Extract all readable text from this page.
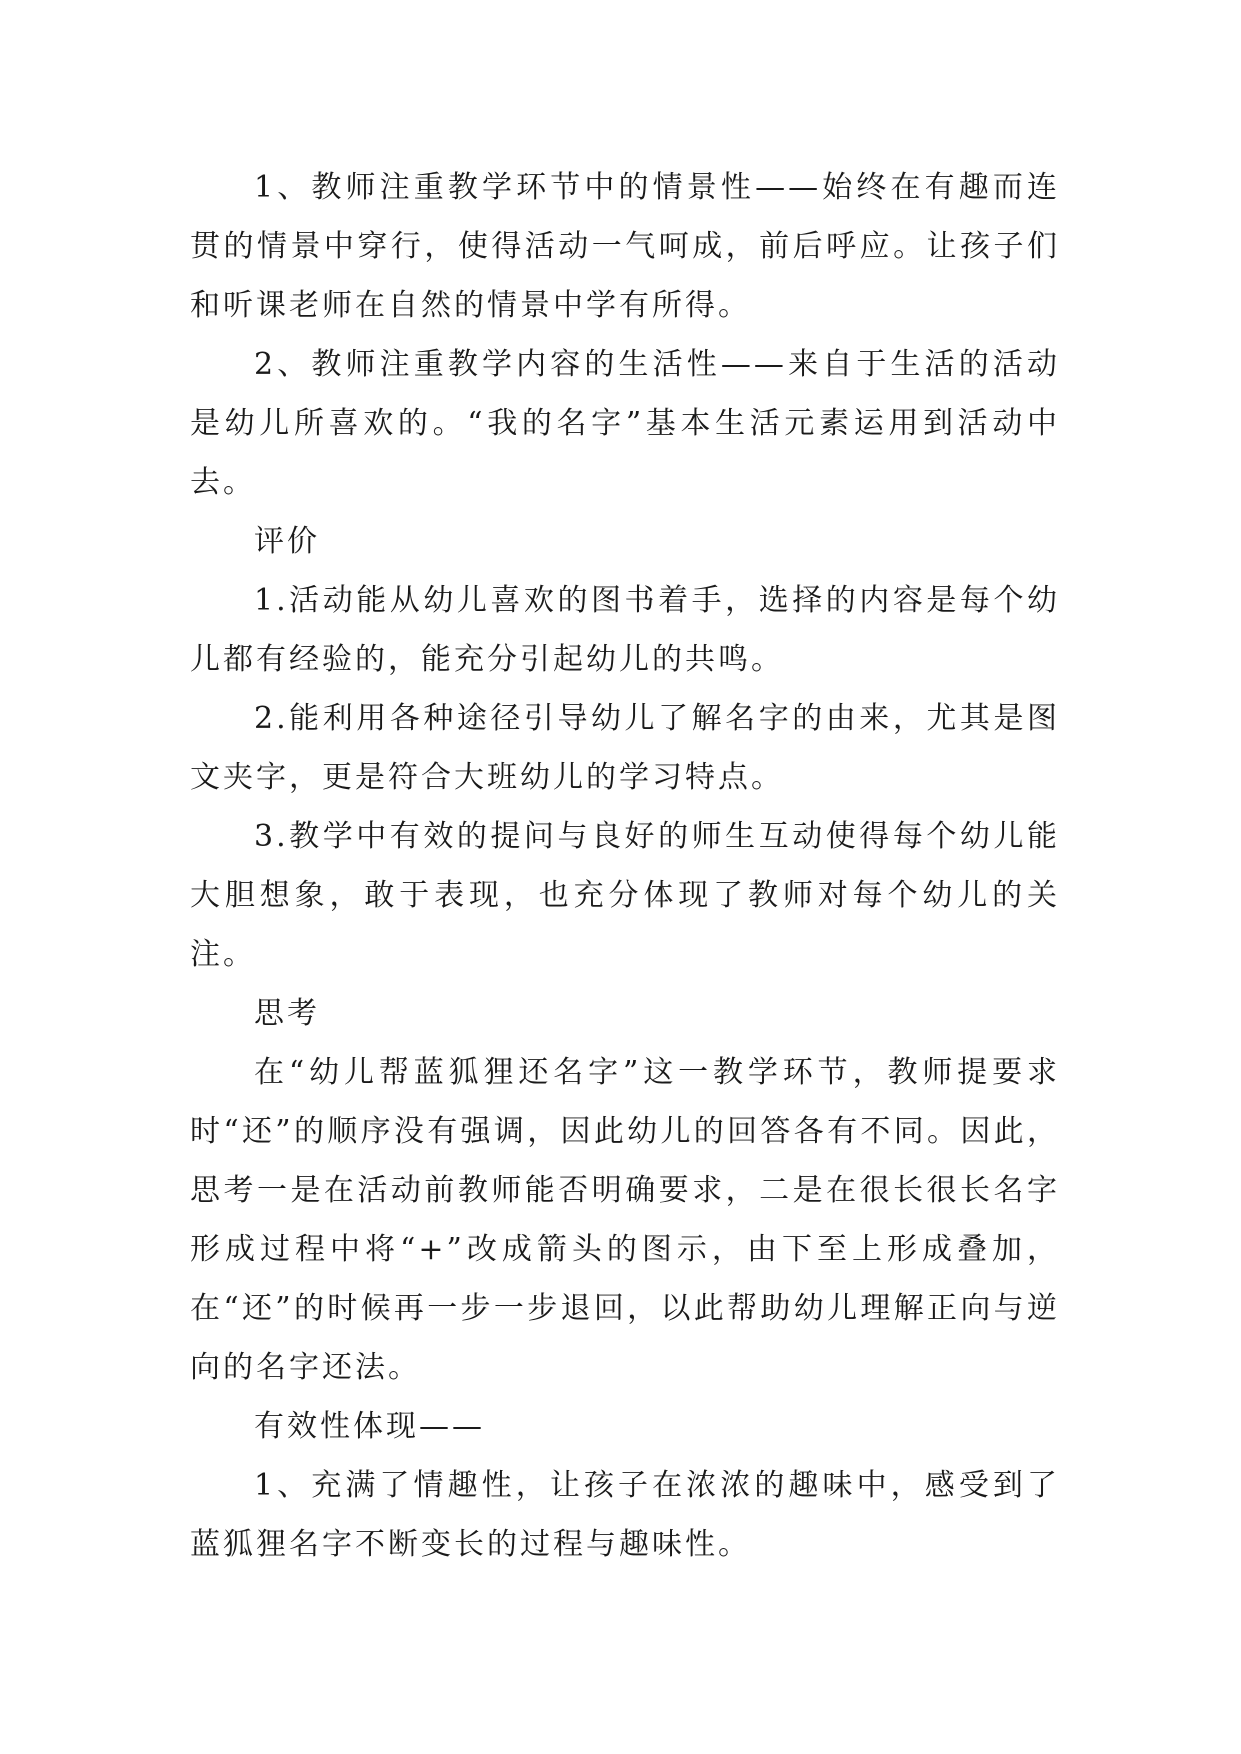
1、教师注重教学环节中的情景性——始终在有趣而连贯的情景中穿行，使得活动一气呵成，前后呼应。让孩子们和听课老师在自然的情景中学有所得。

2、教师注重教学内容的生活性——来自于生活的活动是幼儿所喜欢的。“我的名字”基本生活元素运用到活动中去。

评价

1.活动能从幼儿喜欢的图书着手，选择的内容是每个幼儿都有经验的，能充分引起幼儿的共鸣。

2.能利用各种途径引导幼儿了解名字的由来，尤其是图文夹字，更是符合大班幼儿的学习特点。

3.教学中有效的提问与良好的师生互动使得每个幼儿能大胆想象，敢于表现，也充分体现了教师对每个幼儿的关注。

思考

在“幼儿帮蓝狐狸还名字”这一教学环节，教师提要求时“还”的顺序没有强调，因此幼儿的回答各有不同。因此，思考一是在活动前教师能否明确要求，二是在很长很长名字形成过程中将“+”改成箭头的图示，由下至上形成叠加，在“还”的时候再一步一步退回，以此帮助幼儿理解正向与逆向的名字还法。

有效性体现——

1、充满了情趣性，让孩子在浓浓的趣味中，感受到了蓝狐狸名字不断变长的过程与趣味性。
